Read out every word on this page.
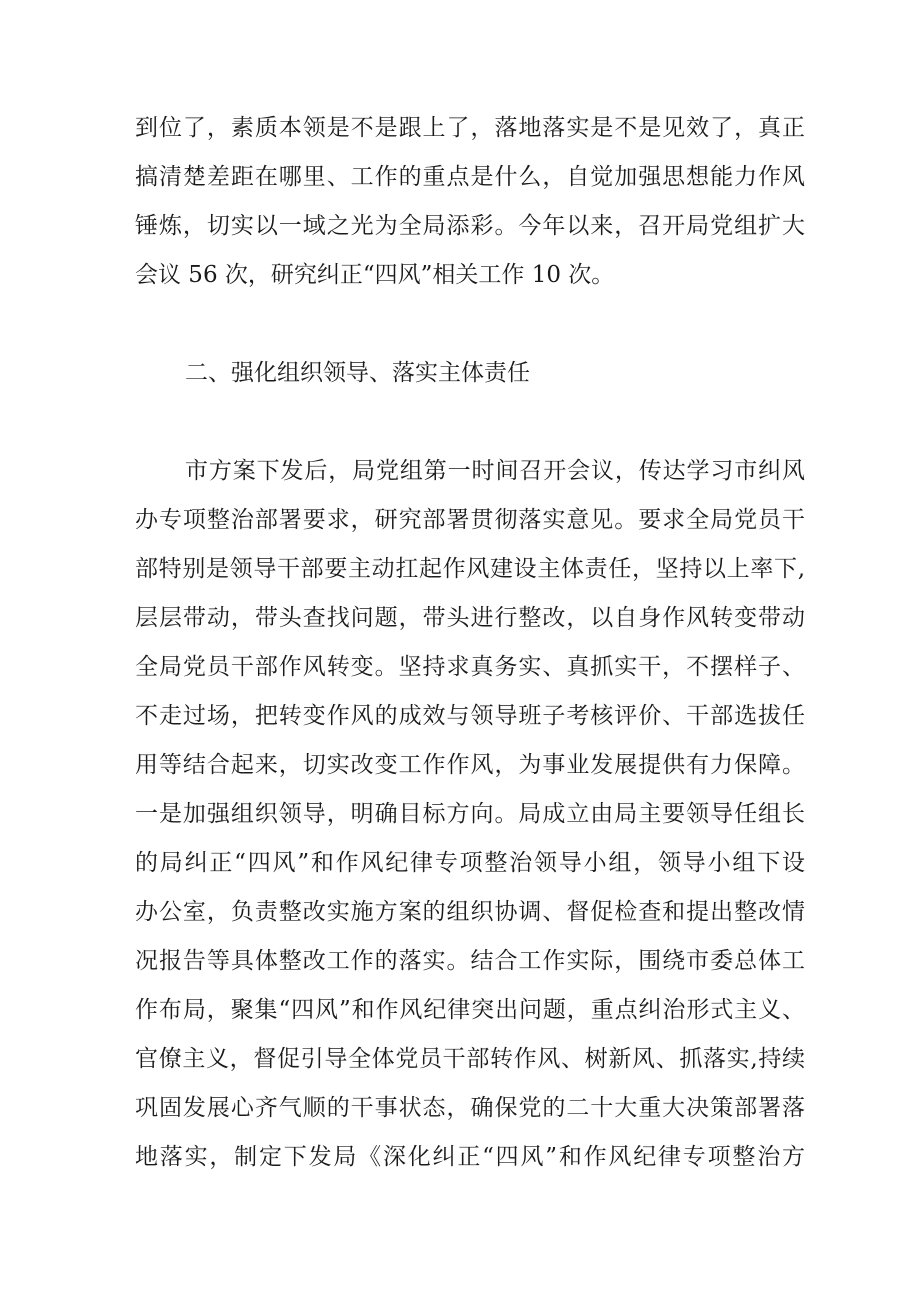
到位了，素质本领是不是跟上了，落地落实是不是见效了，真正
搞清楚差距在哪里、工作的重点是什么，自觉加强思想能力作风
锤炼，切实以一域之光为全局添彩。今年以来，召开局党组扩大
会议 56 次，研究纠正“四风”相关工作 10 次。
二、强化组织领导、落实主体责任
市方案下发后，局党组第一时间召开会议，传达学习市纠风
办专项整治部署要求，研究部署贯彻落实意见。要求全局党员干
部特别是领导干部要主动扛起作风建设主体责任，坚持以上率下,
层层带动，带头查找问题，带头进行整改，以自身作风转变带动
全局党员干部作风转变。坚持求真务实、真抓实干，不摆样子、
不走过场，把转变作风的成效与领导班子考核评价、干部选拔任
用等结合起来，切实改变工作作风，为事业发展提供有力保障。
一是加强组织领导，明确目标方向。局成立由局主要领导任组长
的局纠正“四风”和作风纪律专项整治领导小组，领导小组下设
办公室，负责整改实施方案的组织协调、督促检查和提出整改情
况报告等具体整改工作的落实。结合工作实际，围绕市委总体工
作布局，聚集“四风”和作风纪律突出问题，重点纠治形式主义、
官僚主义，督促引导全体党员干部转作风、树新风、抓落实,持续
巩固发展心齐气顺的干事状态，确保党的二十大重大决策部署落
地落实，制定下发局《深化纠正“四风”和作风纪律专项整治方
